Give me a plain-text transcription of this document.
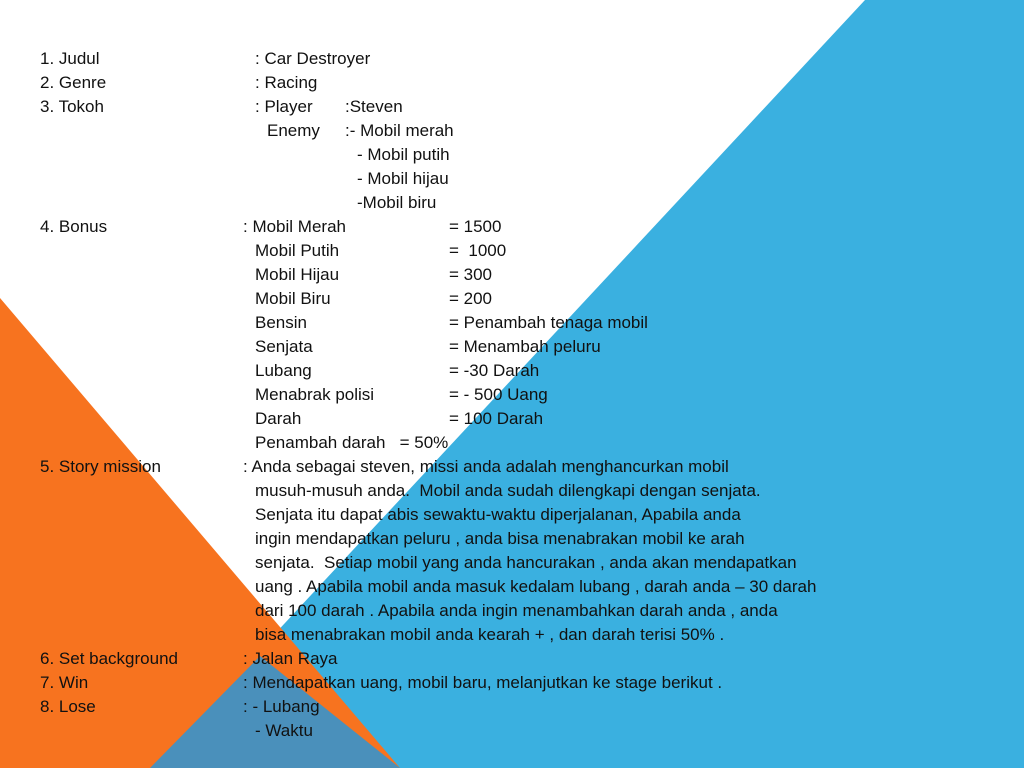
1. Judul	: Car Destroyer
2. Genre	: Racing
3. Tokoh	: Player :Steven
Enemy :- Mobil merah
- Mobil putih
- Mobil hijau
-Mobil biru
4. Bonus	: Mobil Merah	= 1500
Mobil Putih	=  1000
Mobil Hijau	= 300
Mobil Biru	= 200
Bensin	= Penambah tenaga mobil
Senjata	= Menambah peluru
Lubang	= -30 Darah
Menabrak polisi	= - 500 Uang
Darah	= 100 Darah
Penambah darah   = 50%
5. Story mission	: Anda sebagai steven, missi anda adalah menghancurkan mobil
musuh-musuh anda.  Mobil anda sudah dilengkapi dengan senjata.
Senjata itu dapat abis sewaktu-waktu diperjalanan, Apabila anda
ingin mendapatkan peluru , anda bisa menabrakan mobil ke arah
senjata.  Setiap mobil yang anda hancurakan , anda akan mendapatkan
uang . Apabila mobil anda masuk kedalam lubang , darah anda – 30 darah
dari 100 darah . Apabila anda ingin menambahkan darah anda , anda
bisa menabrakan mobil anda kearah + , dan darah terisi 50% .
6. Set background	: Jalan Raya
7. Win	: Mendapatkan uang, mobil baru, melanjutkan ke stage berikut .
8. Lose	: - Lubang
- Waktu
